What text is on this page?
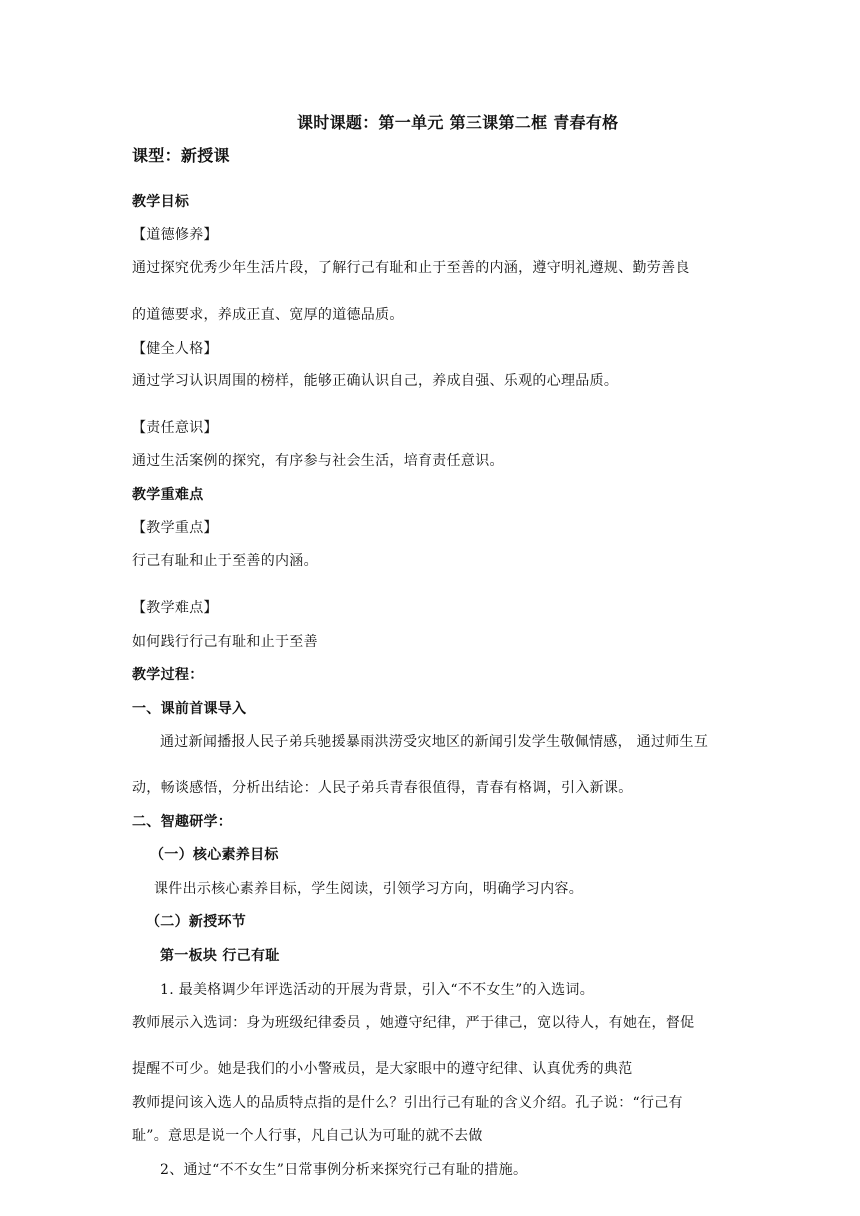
课时课题：第一单元 第三课第二框 青春有格
课型：新授课
教学目标
【道德修养】
通过探究优秀少年生活片段，了解行己有耻和止于至善的内涵，遵守明礼遵规、勤劳善良
的道德要求，养成正直、宽厚的道德品质。
【健全人格】
通过学习认识周围的榜样，能够正确认识自己，养成自强、乐观的心理品质。
【责任意识】
通过生活案例的探究，有序参与社会生活，培育责任意识。
教学重难点
【教学重点】
行己有耻和止于至善的内涵。
【教学难点】
如何践行行己有耻和止于至善
教学过程：
一、课前首课导入
通过新闻播报人民子弟兵驰援暴雨洪涝受灾地区的新闻引发学生敬佩情感， 通过师生互
动，畅谈感悟，分析出结论：人民子弟兵青春很值得，青春有格调，引入新课。
二、智趣研学：
（一）核心素养目标
课件出示核心素养目标，学生阅读，引领学习方向，明确学习内容。
（二）新授环节
第一板块 行己有耻
1. 最美格调少年评选活动的开展为背景，引入“不不女生”的入选词。
教师展示入选词：身为班级纪律委员 ，她遵守纪律，严于律己，宽以待人，有她在，督促
提醒不可少。她是我们的小小警戒员，是大家眼中的遵守纪律、认真优秀的典范
教师提问该入选人的品质特点指的是什么？引出行己有耻的含义介绍。孔子说：“行己有
耻”。意思是说一个人行事，凡自己认为可耻的就不去做
2、通过“不不女生”日常事例分析来探究行己有耻的措施。
